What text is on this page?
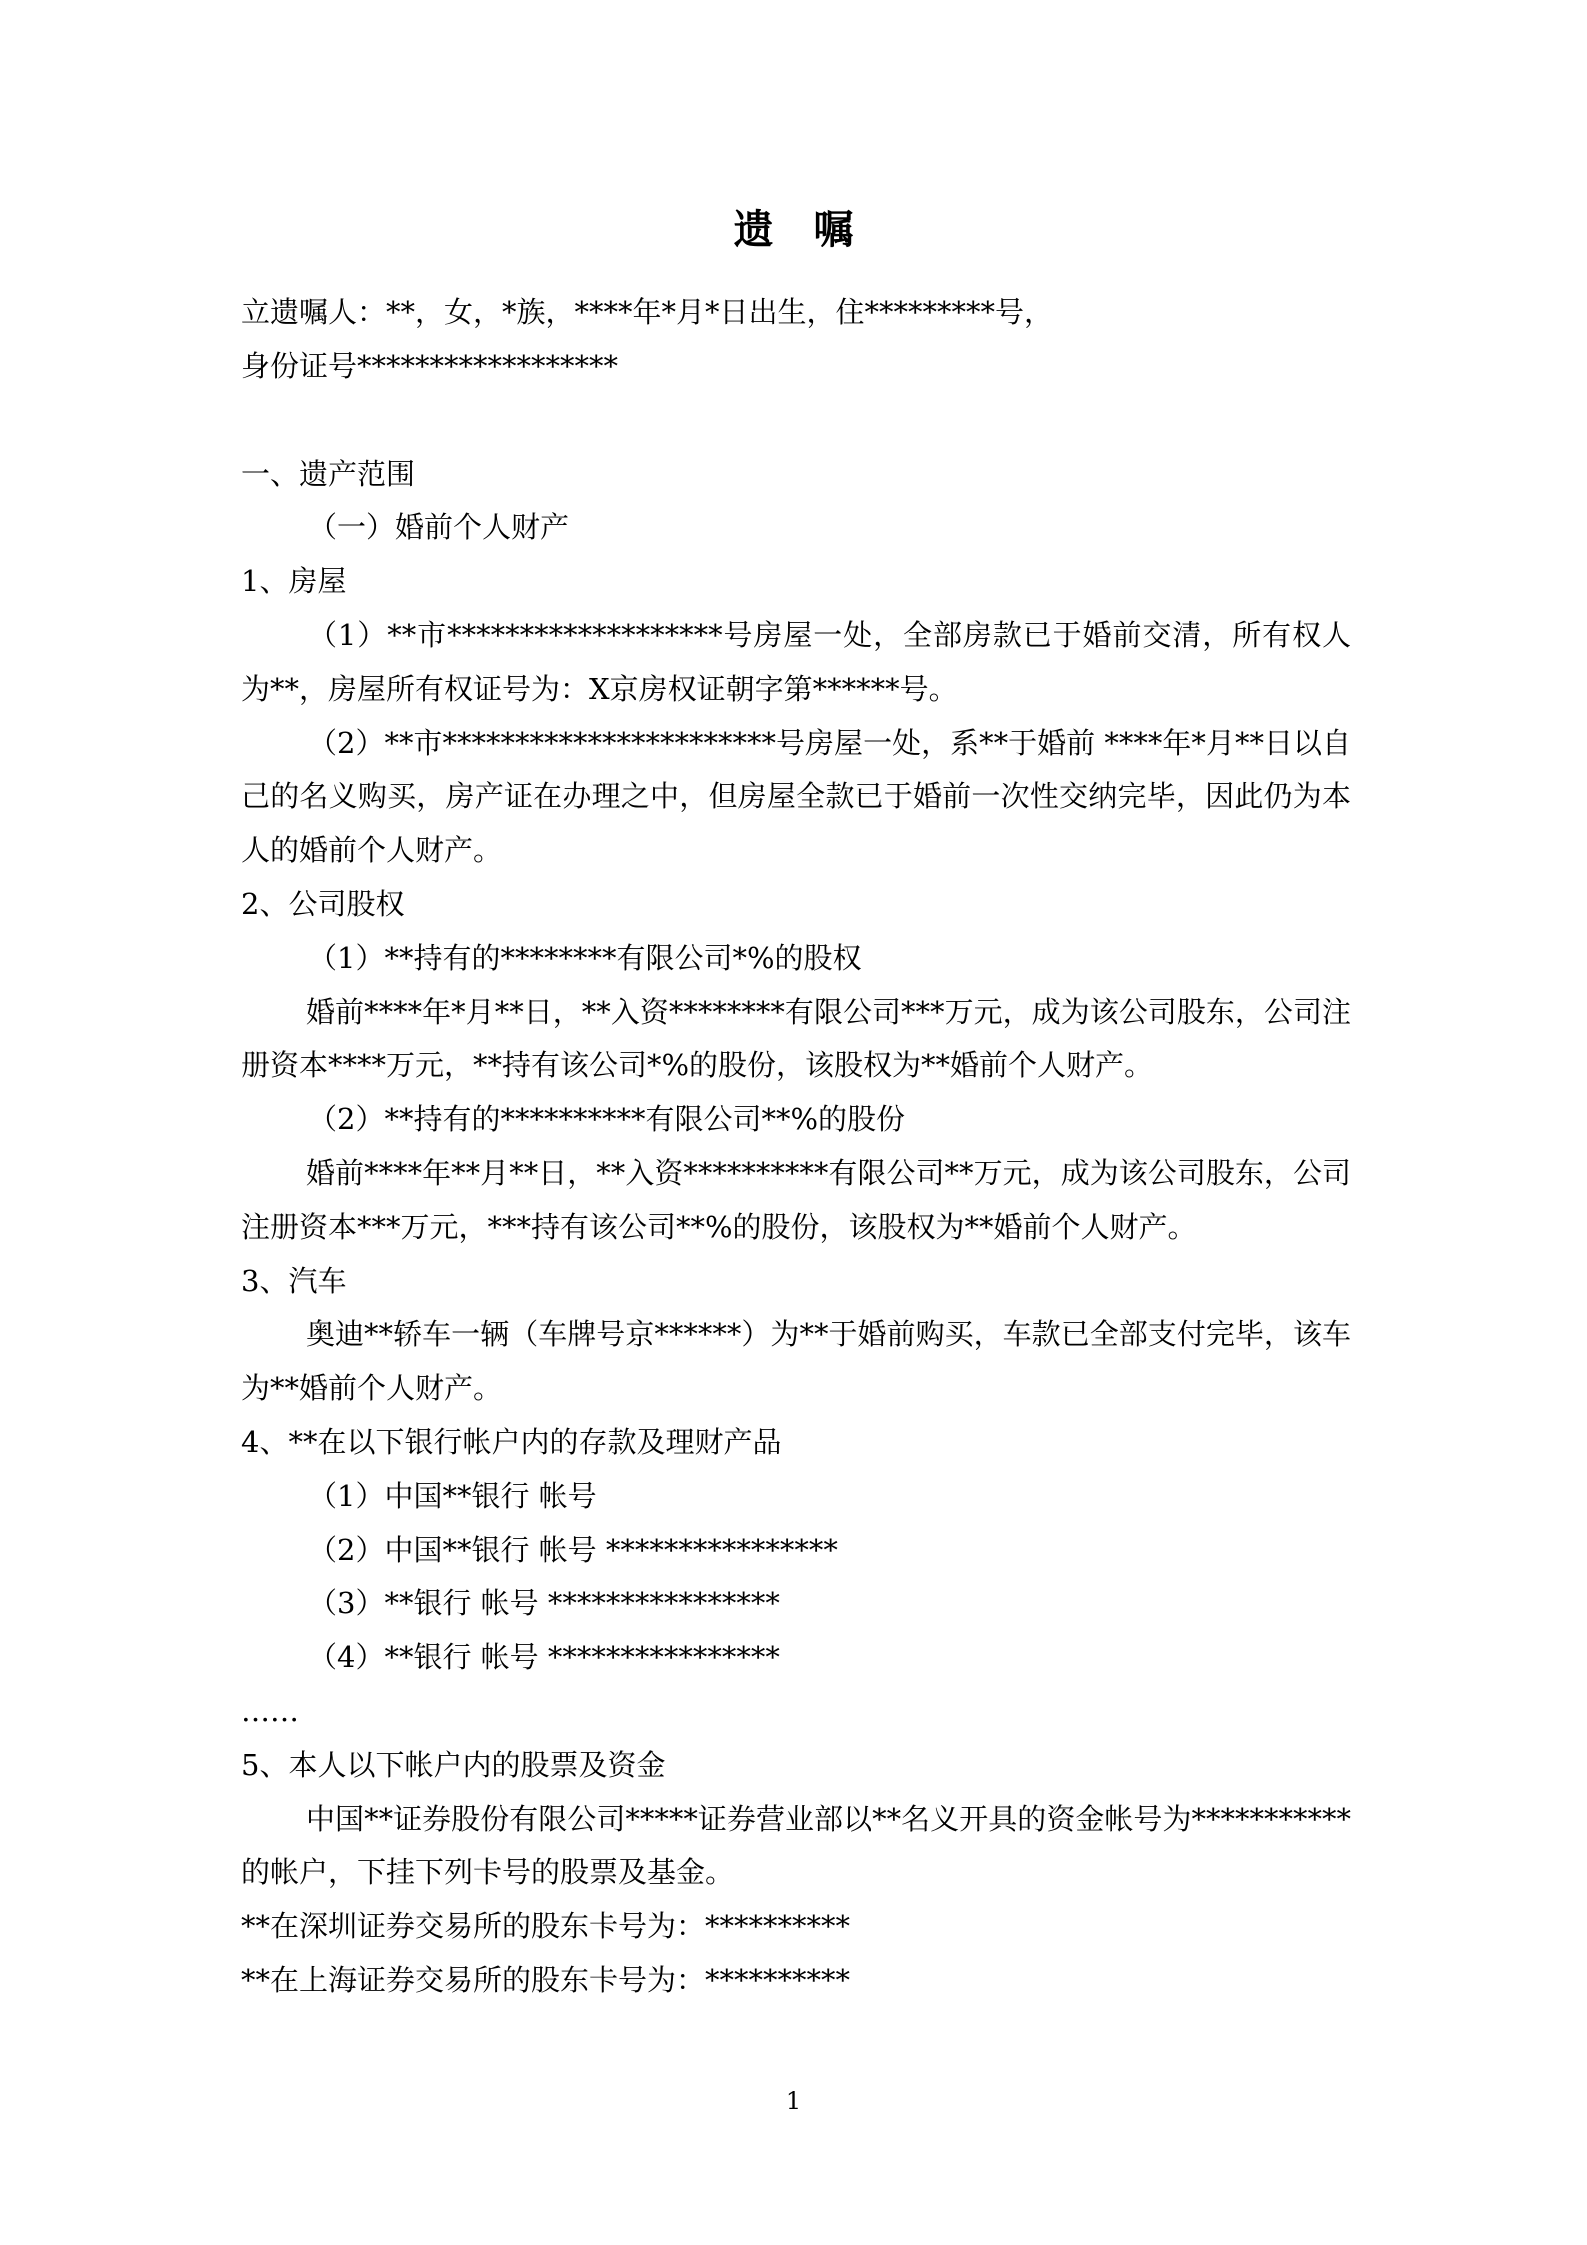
遗　嘱

立遗嘱人：**，女，*族，****年*月*日出生，住*********号，

身份证号******************

一、遗产范围

（一）婚前个人财产

1、房屋

（1）**市*******************号房屋一处，全部房款已于婚前交清，所有权人为**，房屋所有权证号为：X京房权证朝字第******号。

（2）**市***********************号房屋一处，系**于婚前 ****年*月**日以自己的名义购买，房产证在办理之中，但房屋全款已于婚前一次性交纳完毕，因此仍为本人的婚前个人财产。

2、公司股权

（1）**持有的********有限公司*%的股权

婚前****年*月**日，**入资********有限公司***万元，成为该公司股东，公司注册资本****万元，**持有该公司*%的股份，该股权为**婚前个人财产。

（2）**持有的**********有限公司**%的股份

婚前****年**月**日，**入资**********有限公司**万元，成为该公司股东，公司注册资本***万元，***持有该公司**%的股份，该股权为**婚前个人财产。

3、汽车

奥迪**轿车一辆（车牌号京******）为**于婚前购买，车款已全部支付完毕，该车为**婚前个人财产。

4、**在以下银行帐户内的存款及理财产品

（1）中国**银行 帐号

（2）中国**银行 帐号 ****************

（3）**银行 帐号 ****************

（4）**银行 帐号 ****************

……

5、本人以下帐户内的股票及资金

中国**证券股份有限公司*****证券营业部以**名义开具的资金帐号为***********的帐户，下挂下列卡号的股票及基金。

**在深圳证券交易所的股东卡号为：**********

**在上海证券交易所的股东卡号为：**********

1
